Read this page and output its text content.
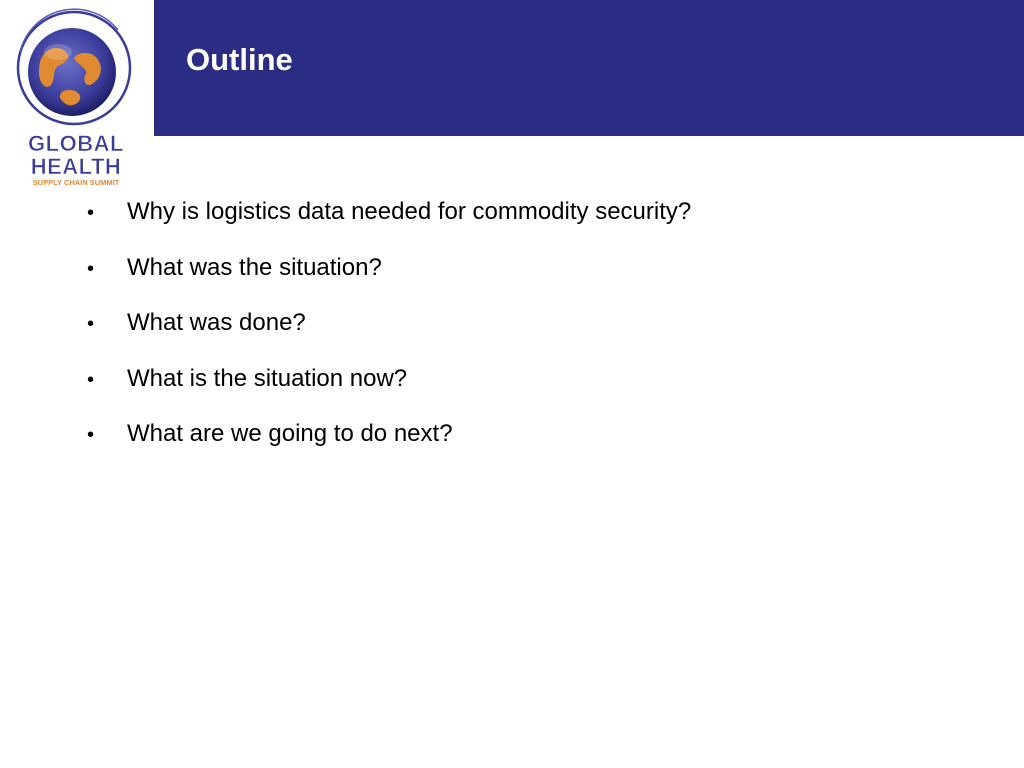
GLOBAL
HEALTH
SUPPLY CHAIN SUMMIT
Outline
•	Why is logistics data needed for commodity security?
•	What was the situation?
•	What was done?
•	What is the situation now?
•	What are we going to do next?
